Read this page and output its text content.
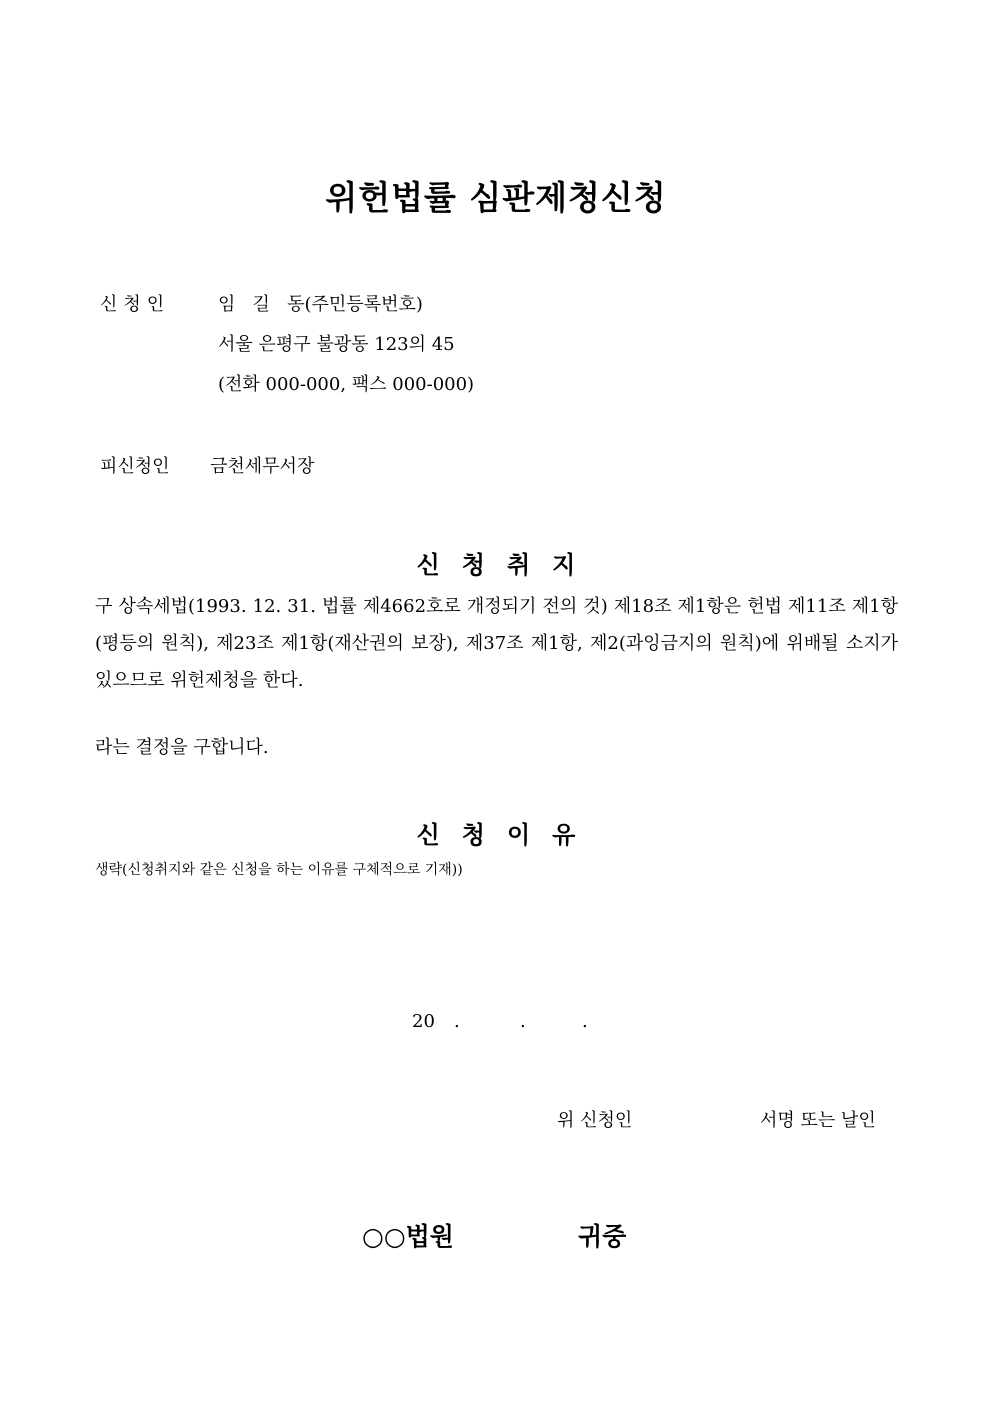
위헌법률 심판제청신청
신청인	임   길   동(주민등록번호)
서울 은평구 불광동 123의 45
(전화 000-000, 팩스 000-000)
피신청인 금천세무서장
신청취지
구 상속세법(1993. 12. 31. 법률 제4662호로 개정되기 전의 것) 제18조 제1항은 헌법 제11조 제1항(평등의 원칙), 제23조 제1항(재산권의 보장), 제37조 제1항, 제2(과잉금지의 원칙)에 위배될 소지가 있으므로 위헌제청을 한다.
라는 결정을 구합니다.
신청이유
생략(신청취지와 같은 신청을 하는 이유를 구체적으로 기재))
20 .	.	.
위 신청인	서명 또는 날인
○○법원	귀중
